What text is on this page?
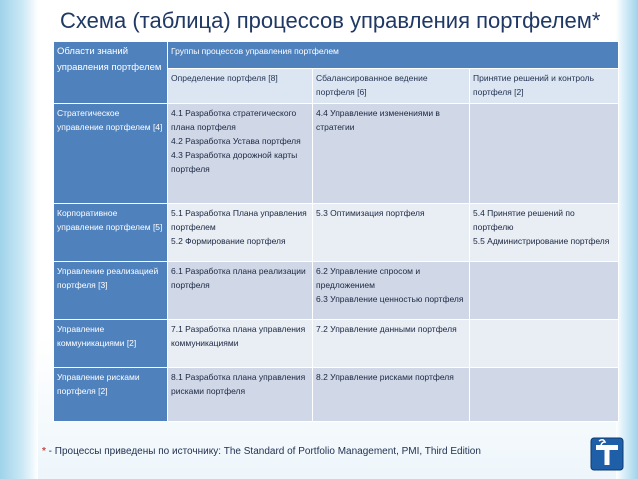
Схема (таблица) процессов управления портфелем*
Области знаний управления портфелем	Группы процессов управления портфелем		
	Определение портфеля [8]	Сбалансированное ведение портфеля [6]	Принятие решений и контроль портфеля [2]
Стратегическое управление портфелем [4]	4.1 Разработка стратегического плана портфеля
4.2 Разработка Устава портфеля
4.3 Разработка дорожной карты портфеля	4.4 Управление изменениями в стратегии	

Корпоративное управление портфелем [5]	5.1 Разработка Плана управления портфелем
5.2 Формирование портфеля	5.3 Оптимизация портфеля	5.4 Принятие решений по портфелю
5.5 Администрирование портфеля

Управление реализацией портфеля [3]	6.1 Разработка плана реализации портфеля	6.2 Управление спросом и предложением
6.3 Управление ценностью портфеля	

Управление коммуникациями [2]	7.1 Разработка плана управления коммуникациями	7.2 Управление данными портфеля	

Управление рисками портфеля [2]	8.1 Разработка плана управления рисками портфеля	8.2 Управление рисками портфеля	

* - Процессы приведены по источнику: The Standard of Portfolio Management, PMI, Third Edition
